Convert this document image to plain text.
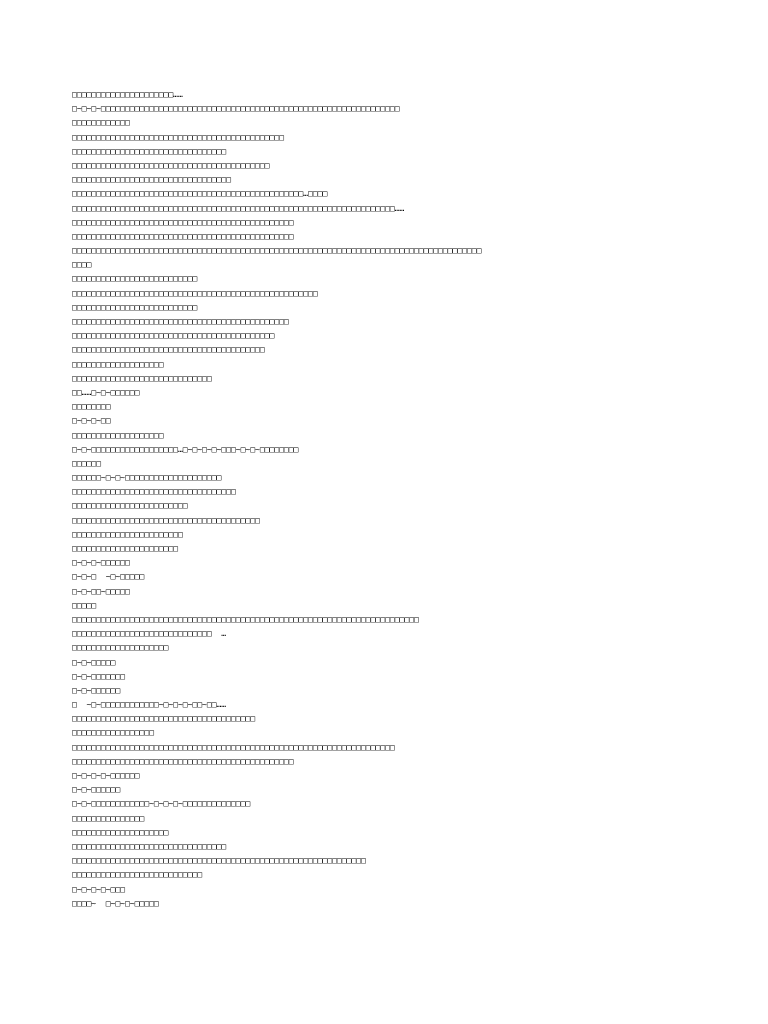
□□□□□□□□□□□□□□□□□□□□□……
□~□~□~□□□□□□□□□□□□□□□□□□□□□□□□□□□□□□□□□□□□□□□□□□□□□□□□□□□□□□□□□□□□□□
□□□□□□□□□□□□
□□□□□□□□□□□□□□□□□□□□□□□□□□□□□□□□□□□□□□□□□□□□
□□□□□□□□□□□□□□□□□□□□□□□□□□□□□□□□
□□□□□□□□□□□□□□□□□□□□□□□□□□□□□□□□□□□□□□□□□
□□□□□□□□□□□□□□□□□□□□□□□□□□□□□□□□□
□□□□□□□□□□□□□□□□□□□□□□□□□□□□□□□□□□□□□□□□□□□□□□□□…□□□□
□□□□□□□□□□□□□□□□□□□□□□□□□□□□□□□□□□□□□□□□□□□□□□□□□□□□□□□□□□□□□□□□□□□……
□□□□□□□□□□□□□□□□□□□□□□□□□□□□□□□□□□□□□□□□□□□□□□
□□□□□□□□□□□□□□□□□□□□□□□□□□□□□□□□□□□□□□□□□□□□□□
□□□□□□□□□□□□□□□□□□□□□□□□□□□□□□□□□□□□□□□□□□□□□□□□□□□□□□□□□□□□□□□□□□□□□□□□□□□□□□□□□□□□□
□□□□
□□□□□□□□□□□□□□□□□□□□□□□□□□
□□□□□□□□□□□□□□□□□□□□□□□□□□□□□□□□□□□□□□□□□□□□□□□□□□□
□□□□□□□□□□□□□□□□□□□□□□□□□□
□□□□□□□□□□□□□□□□□□□□□□□□□□□□□□□□□□□□□□□□□□□□□
□□□□□□□□□□□□□□□□□□□□□□□□□□□□□□□□□□□□□□□□□□
□□□□□□□□□□□□□□□□□□□□□□□□□□□□□□□□□□□□□□□□
□□□□□□□□□□□□□□□□□□□
□□□□□□□□□□□□□□□□□□□□□□□□□□□□□
□□……□~□~□□□□□□
□□□□□□□□
□~□~□~□□
□□□□□□□□□□□□□□□□□□□
□~□~□□□□□□□□□□□□□□□□□□…□~□~□~□~□□□~□~□~□□□□□□□□
□□□□□□
□□□□□□~□~□~□□□□□□□□□□□□□□□□□□□□
□□□□□□□□□□□□□□□□□□□□□□□□□□□□□□□□□□
□□□□□□□□□□□□□□□□□□□□□□□□
□□□□□□□□□□□□□□□□□□□□□□□□□□□□□□□□□□□□□□□
□□□□□□□□□□□□□□□□□□□□□□□
□□□□□□□□□□□□□□□□□□□□□□
□~□~□~□□□□□□
□~□~□  ~□~□□□□□
□~□~□□~□□□□□
□□□□□
□□□□□□□□□□□□□□□□□□□□□□□□□□□□□□□□□□□□□□□□□□□□□□□□□□□□□□□□□□□□□□□□□□□□□□□□
□□□□□□□□□□□□□□□□□□□□□□□□□□□□□  …
□□□□□□□□□□□□□□□□□□□□
□~□~□□□□□
□~□~□□□□□□□
□~□~□□□□□□
□  ~□~□□□□□□□□□□□□~□~□~□~□□~□□……
□□□□□□□□□□□□□□□□□□□□□□□□□□□□□□□□□□□□□□
□□□□□□□□□□□□□□□□□
□□□□□□□□□□□□□□□□□□□□□□□□□□□□□□□□□□□□□□□□□□□□□□□□□□□□□□□□□□□□□□□□□□□
□□□□□□□□□□□□□□□□□□□□□□□□□□□□□□□□□□□□□□□□□□□□□□
□~□~□~□~□□□□□□
□~□~□□□□□□
□~□~□□□□□□□□□□□□~□~□~□~□□□□□□□□□□□□□□
□□□□□□□□□□□□□□□
□□□□□□□□□□□□□□□□□□□□
□□□□□□□□□□□□□□□□□□□□□□□□□□□□□□□□
□□□□□□□□□□□□□□□□□□□□□□□□□□□□□□□□□□□□□□□□□□□□□□□□□□□□□□□□□□□□□
□□□□□□□□□□□□□□□□□□□□□□□□□□□
□~□~□~□~□□□
□□□□~  □~□~□~□□□□□
